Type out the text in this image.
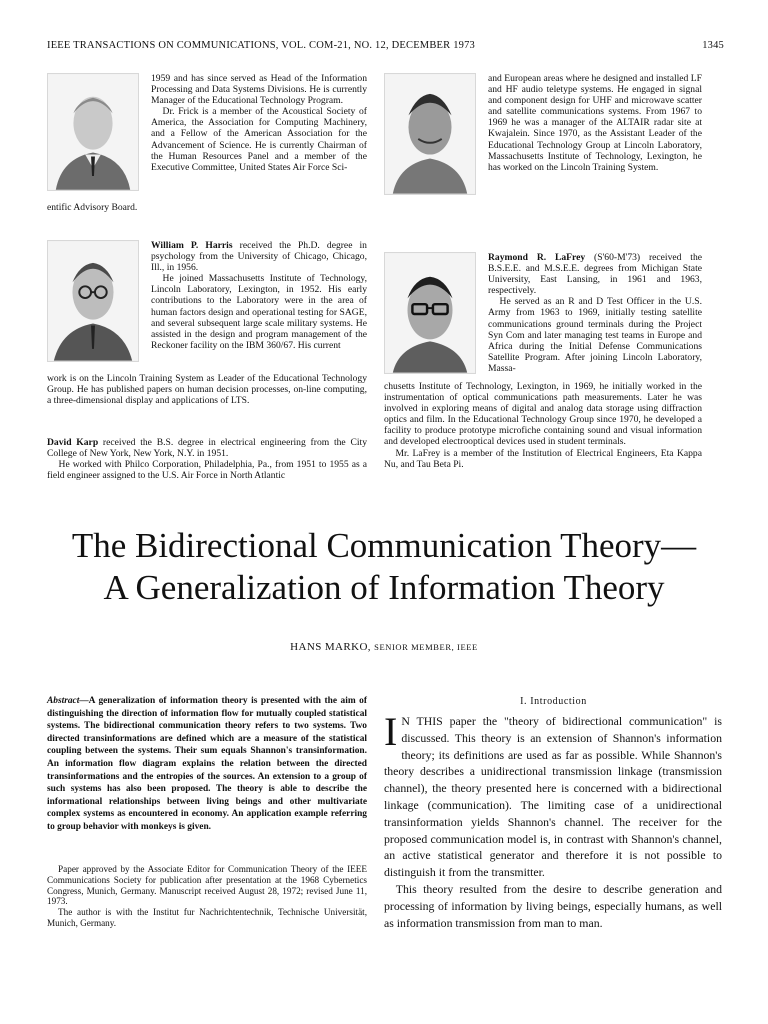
IEEE TRANSACTIONS ON COMMUNICATIONS, VOL. COM-21, NO. 12, DECEMBER 1973	1345

1959 and has since served as Head of the Information Processing and Data Systems Divisions. He is currently Manager of the Educational Technology Program.

Dr. Frick is a member of the Acoustical Society of America, the Association for Computing Machinery, and a Fellow of the American Association for the Advancement of Science. He is currently Chairman of the Human Resources Panel and a member of the Executive Committee, United States Air Force Sci-

entific Advisory Board.

William P. Harris received the Ph.D. degree in psychology from the University of Chicago, Chicago, Ill., in 1956.

He joined Massachusetts Institute of Technology, Lincoln Laboratory, Lexington, in 1952. His early contributions to the Laboratory were in the area of human factors design and operational testing for SAGE, and several subsequent large scale military systems. He assisted in the design and program management of the Reckoner facility on the IBM 360/67. His current

work is on the Lincoln Training System as Leader of the Educational Technology Group. He has published papers on human decision processes, on-line computing, a three-dimensional display and applications of LTS.

David Karp received the B.S. degree in electrical engineering from the City College of New York, New York, N.Y. in 1951.

He worked with Philco Corporation, Philadelphia, Pa., from 1951 to 1955 as a field engineer assigned to the U.S. Air Force in North Atlantic

and European areas where he designed and installed LF and HF audio teletype systems. He engaged in signal and component design for UHF and microwave scatter and satellite communications systems. From 1967 to 1969 he was a manager of the ALTAIR radar site at Kwajalein. Since 1970, as the Assistant Leader of the Educational Technology Group at Lincoln Laboratory, Massachusetts Institute of Technology, Lexington, he has worked on the Lincoln Training System.

Raymond R. LaFrey (S'60-M'73) received the B.S.E.E. and M.S.E.E. degrees from Michigan State University, East Lansing, in 1961 and 1963, respectively.

He served as an R and D Test Officer in the U.S. Army from 1963 to 1969, initially testing satellite communications ground terminals during the Project Syn Com and later managing test teams in Europe and Africa during the Initial Defense Communications Satellite Program. After joining Lincoln Laboratory, Massa-

chusetts Institute of Technology, Lexington, in 1969, he initially worked in the instrumentation of optical communications path measurements. Later he was involved in exploring means of digital and analog data storage using diffraction optics and film. In the Educational Technology Group since 1970, he developed a facility to produce prototype microfiche containing sound and visual information and developed electrooptical devices used in student terminals.

Mr. LaFrey is a member of the Institution of Electrical Engineers, Eta Kappa Nu, and Tau Beta Pi.

The Bidirectional Communication Theory—
A Generalization of Information Theory
HANS MARKO, SENIOR MEMBER, IEEE
Abstract—A generalization of information theory is presented with the aim of distinguishing the direction of information flow for mutually coupled statistical systems. The bidirectional communication theory refers to two systems. Two directed transinformations are defined which are a measure of the statistical coupling between the systems. Their sum equals Shannon's transinformation. An information flow diagram explains the relation between the directed transinformations and the entropies of the sources. An extension to a group of such systems has also been proposed. The theory is able to describe the informational relationships between living beings and other multivariate complex systems as encountered in economy. An application example referring to group behavior with monkeys is given.

Paper approved by the Associate Editor for Communication Theory of the IEEE Communications Society for publication after presentation at the 1968 Cybernetics Congress, Munich, Germany. Manuscript received August 28, 1972; revised June 11, 1973.

The author is with the Institut fur Nachrichtentechnik, Technische Universität, Munich, Germany.

I. Introduction

I N THIS paper the "theory of bidirectional communication" is discussed. This theory is an extension of Shannon's information theory; its definitions are used as far as possible. While Shannon's theory describes a unidirectional transmission linkage (transmission channel), the theory presented here is concerned with a bidirectional linkage (communication). The limiting case of a unidirectional transinformation yields Shannon's channel. The receiver for the proposed communication model is, in contrast with Shannon's channel, an active statistical generator and therefore it is not possible to distinguish it from the transmitter.

This theory resulted from the desire to describe generation and processing of information by living beings, especially humans, as well as information transmission from man to man.
